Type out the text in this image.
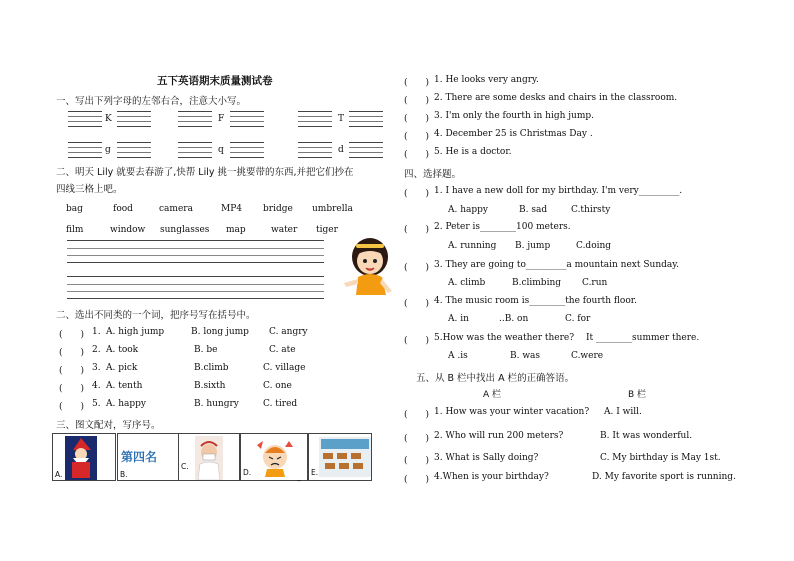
五下英语期末质量测试卷
一、写出下列字母的左邻右合，注意大小写。
K	F	T
g	q	d
二、明天 Lily 就要去春游了,快帮 Lily 挑一挑要带的东西,并把它们抄在
四线三格上吧。
bag	food	camera	MP4 bridge umbrella
film	window sunglasses map	water tiger
二、选出不同类的一个词，把序号写在括号中。
(　　) 1. A. high jump	B. long jump C. angry
(　　) 2. A. took	B. be	C. ate
(　　) 3. A. pick	B.climb	C. village
(　　) 4. A. tenth	B.sixth	C. one
(　　) 5. A. happy	B. hungry	C. tired
三、图文配对，写序号。
A.
第四名
B.
C.
D.	_ E.
(　　) 1. He looks very angry.
(　　) 2. There are some desks and chairs in the classroom.
(　　) 3. I'm only the fourth in high jump.
(　　) 4. December 25 is Christmas Day .
(　　) 5. He is a doctor.
四、选择题。
(　　) 1. I have a new doll for my birthday. I'm very_________.
A. happy	B. sad	C.thirsty
(　　) 2. Peter is________100 meters.
A. running B. jump	C.doing
(　　) 3. They are going to_________a mountain next Sunday.
A. climb	B.climbing C.run
(　　) 4. The music room is________the fourth floor.
A. in	..B. on	C. for
(　　) 5.How was the weather there? It ________summer there.
A .is	B. was	C.were
五、从 B 栏中找出 A 栏的正确答语。
A 栏	B 栏
(　　) 1. How was your winter vacation? A. I will.
(　　) 2. Who will run 200 meters?	B. It was wonderful.
(　　) 3. What is Sally doing?	C. My birthday is May 1st.
(　　) 4.When is your birthday?	D. My favorite sport is running.
